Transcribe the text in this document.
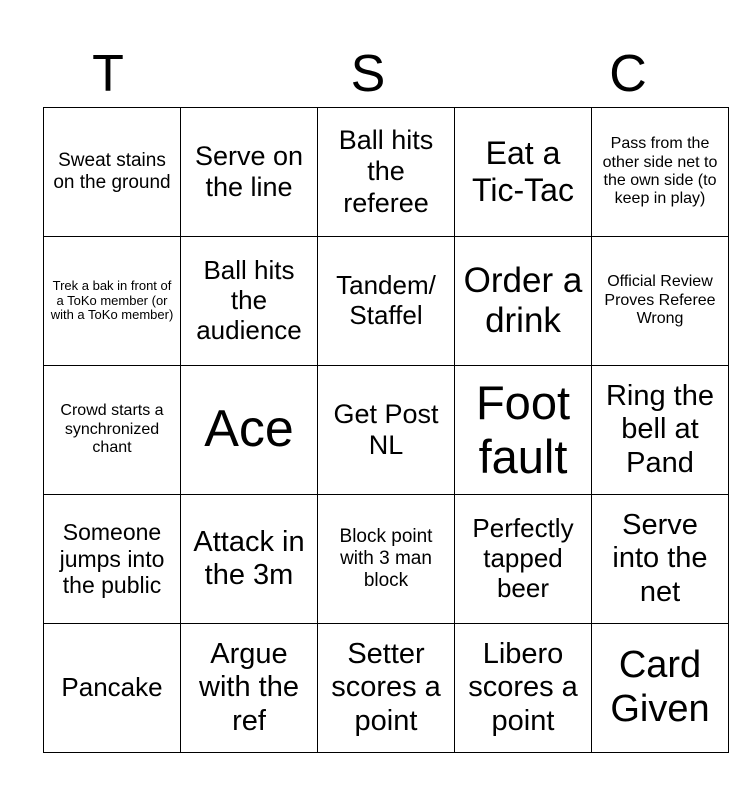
T	S	C
Sweat stains on the ground	Serve on the line	Ball hits the referee	Eat a Tic-Tac	Pass from the other side net to the own side (to keep in play)
Trek a bak in front of a ToKo member (or with a ToKo member)	Ball hits the audience	Tandem/ Staffel	Order a drink	Official Review Proves Referee Wrong
Crowd starts a synchronized chant	Ace	Get Post NL	Foot fault	Ring the bell at Pand
Someone jumps into the public	Attack in the 3m	Block point with 3 man block	Perfectly tapped beer	Serve into the net
Pancake	Argue with the ref	Setter scores a point	Libero scores a point	Card Given
